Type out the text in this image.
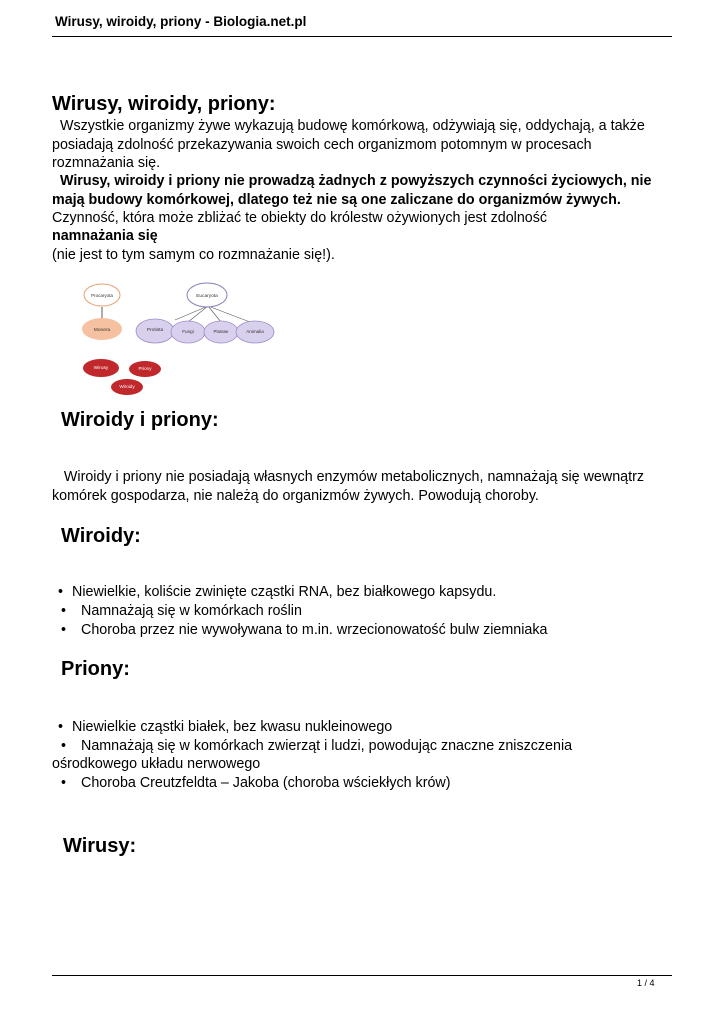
Wirusy, wiroidy, priony - Biologia.net.pl
Wirusy, wiroidy, priony:
Wszystkie organizmy żywe wykazują budowę komórkową, odżywiają się, oddychają, a także
posiadają zdolność przekazywania swoich cech organizmom potomnym w procesach
rozmnażania się.
Wirusy, wiroidy i priony nie prowadzą żadnych z powyższych czynności życiowych, nie
mają budowy komórkowej, dlatego też nie są one zaliczane do organizmów żywych.
Czynność, która może zbliżać te obiekty do królestw ożywionych jest zdolność
namnażania się
(nie jest to tym samym co rozmnażanie się!).
Procaryota
Monera
Eucaryota
Protista	Fungi	Plantae	Animalia
Wirusy	Priony
Wiroidy
Wiroidy i priony:
Wiroidy i priony nie posiadają własnych enzymów metabolicznych, namnażają się wewnątrz
komórek gospodarza, nie należą do organizmów żywych. Powodują choroby.
Wiroidy:
• Niewielkie, koliście zwinięte cząstki RNA, bez białkowego kapsydu.
• Namnażają się w komórkach roślin
• Choroba przez nie wywoływana to m.in. wrzecionowatość bulw ziemniaka
Priony:
• Niewielkie cząstki białek, bez kwasu nukleinowego
• Namnażają się w komórkach zwierząt i ludzi, powodując znaczne zniszczenia
ośrodkowego układu nerwowego
• Choroba Creutzfeldta – Jakoba (choroba wściekłych krów)
Wirusy:
1 / 4
